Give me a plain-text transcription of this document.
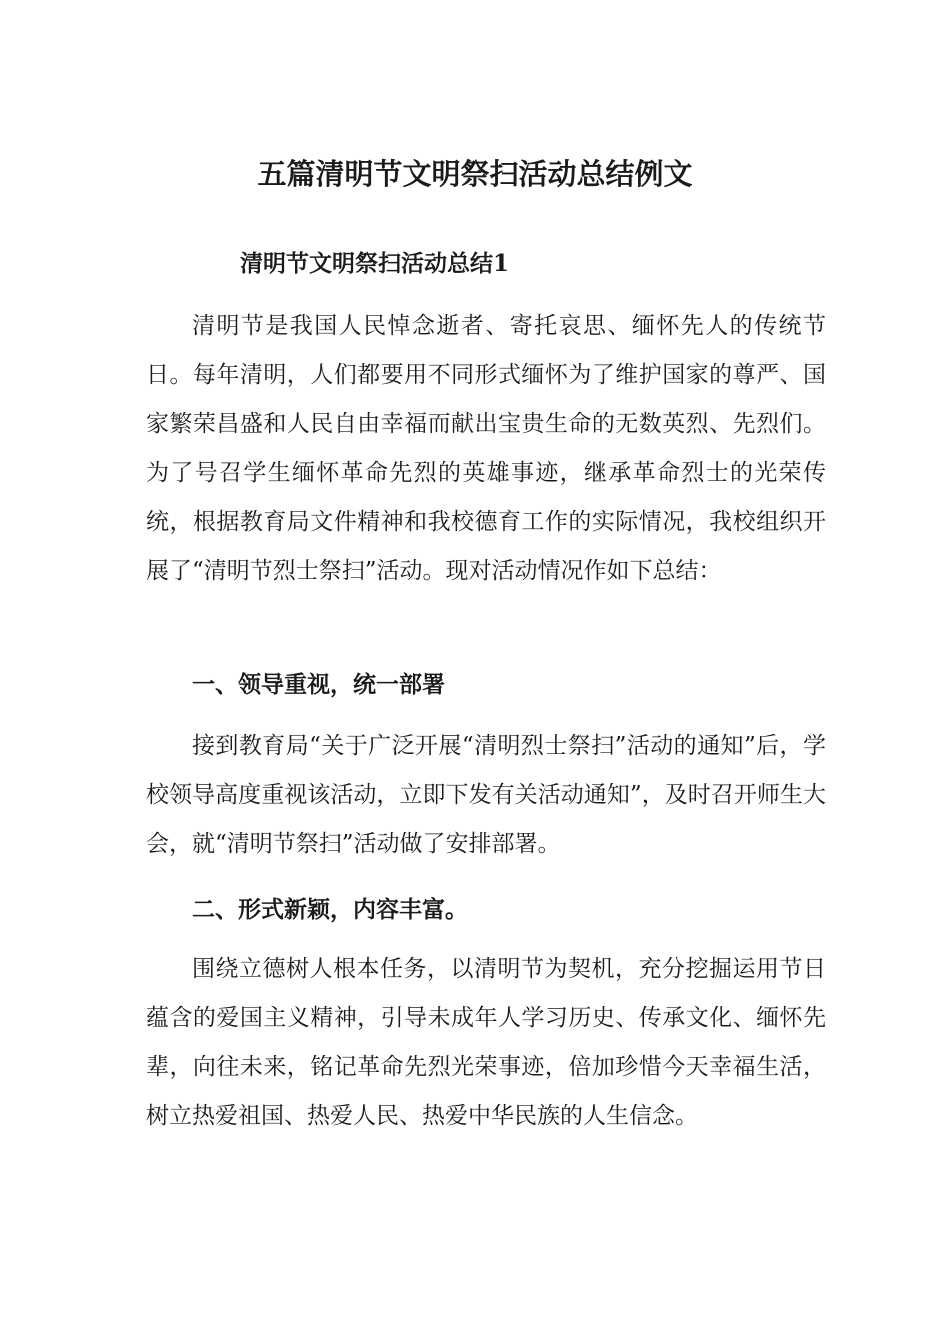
五篇清明节文明祭扫活动总结例文
清明节文明祭扫活动总结1

清明节是我国人民悼念逝者、寄托哀思、缅怀先人的传统节日。每年清明，人们都要用不同形式缅怀为了维护国家的尊严、国家繁荣昌盛和人民自由幸福而献出宝贵生命的无数英烈、先烈们。为了号召学生缅怀革命先烈的英雄事迹，继承革命烈士的光荣传统，根据教育局文件精神和我校德育工作的实际情况，我校组织开展了“清明节烈士祭扫”活动。现对活动情况作如下总结：

一、领导重视，统一部署

接到教育局“关于广泛开展“清明烈士祭扫”活动的通知”后，学校领导高度重视该活动，立即下发有关活动通知”，及时召开师生大会，就“清明节祭扫”活动做了安排部署。

二、形式新颖，内容丰富。

围绕立德树人根本任务，以清明节为契机，充分挖掘运用节日蕴含的爱国主义精神，引导未成年人学习历史、传承文化、缅怀先辈，向往未来，铭记革命先烈光荣事迹，倍加珍惜今天幸福生活，树立热爱祖国、热爱人民、热爱中华民族的人生信念。
